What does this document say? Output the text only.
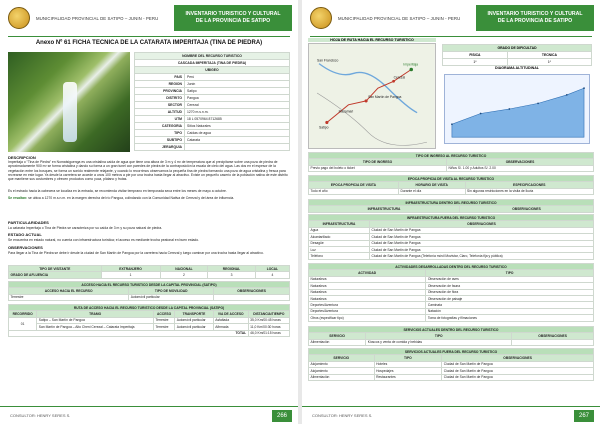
MUNICIPALIDAD PROVINCIAL DE SATIPO – JUNIN - PERU
INVENTARIO TURISTICO Y CULTURAL
DE LA PROVINCIA DE SATIPO
Anexo Nº 61 FICHA TECNICA DE LA CATARATA IMPERITAJA (TINA DE PIEDRA)
NOMBRE DEL RECURSO TURISTICO	
CASCADA IMPERITAJA (TINA DE PIEDRA)	
UBIGEO	
PAIS	Perú
REGION	Junín
PROVINCIA	Satipo
DISTRITO	Pangoa
SECTOR	Cerezal
ALTITUD	1270 m.s.n.m.
UTM	18 L 0570964 8712685
CATEGORIA	Sitios Naturales
TIPO	Caídas de agua
SUBTIPO	Catarata
JERARQUIA	
DESCRIPCION
Imperitaja o "Tina de Piedra" en Nomatsiguenga es una cristalina caída de agua que tiene una altura de 3 m y 4 m² de temperatura que al precipitarse sobre una poza de piedra de aproximadamente 900 m³ se forma cristalina y dando su forma a un gran tunel con paredes de piedra de la contraposición la escala de cielo del agua. Las dos en el espesor de la vegetación entre los bosques, se forma un sonido realmente relajante, y cuando lo recorrimos observamos la pequeña tina de piedra formando una poza de agua cristalina y fresca para recrearse en este lugar. Ya desde la carretera se accede a unos 100 metros a pie por una trocha hasta llegar al atractivo. Existe un pequeño caserío de la población nativa de este distrito que mantiene sus costumbres y ofrecen productos como yuca, plátano y frutas.
Es el estrado hacia la cabecera se localiza en la entrada, se recomienda visitar temprano en temporada seca entre los meses de mayo a octubre.
Se resaltan: se ubica a 1270 m.s.n.m. en la margen derecha del río Pangoa, colindando con la Comunidad Nativa de Cerezal y del área de influencia.
PARTICULARIDADES
La catarata Imperitaja o Tina de Piedra se caracteriza por su caída de 3 m y su poza natural de piedra.
ESTADO ACTUAL
Se encuentra en estado natural, no cuenta con infraestructura turística; el acceso es mediante trocha peatonal en buen estado.
OBSERVACIONES
Para llegar a la Tina de Piedra se debe ir desde la ciudad de San Martín de Pangoa por la carretera hacia Cerezal y luego caminar por una trocha hasta llegar al atractivo.
TIPO DE VISITANTE	EXTRANJERO	NACIONAL	REGIONAL	LOCAL
GRADO DE AFLUENCIA	1	2	3	4
ACCESO HACIA EL RECURSO TURISTICO DESDE LA CAPITAL PROVINCIAL (SATIPO)		
ACCESO HACIA EL RECURSO	TIPO DE MOVILIDAD	OBSERVACIONES
Terrestre	Automóvil particular	
RUTA DE ACCESO HACIA EL RECURSO TURISTICO DESDE LA CAPITAL PROVINCIAL (SATIPO)					
RECORRIDO	TRAMO	ACCESO	TRANSPORTE	VIA DE ACCESO	DISTANCIA/TIEMPO
01	Satipo – San Martín de Pangoa	Terrestre	Automóvil particular	Asfaltada	35,0 Km/00:45 horas
	San Martín de Pangoa – Alto Cheni Cerezal – Catarata Imperitaja	Terrestre	Automóvil particular	Afirmada	11,0 Km/00:30 horas
TOTAL					46,0 Km/01:15 horas
CONSULTOR: HENRY SERES S.	266
MUNICIPALIDAD PROVINCIAL DE SATIPO – JUNIN - PERU
INVENTARIO TURISTICO Y CULTURAL
DE LA PROVINCIA DE SATIPO
HOJA DE RUTA HACIA EL RECURSO TURISTICO
San Martín de Pangoa
Cerezal
Satipo
Mazamari
Imperitaja
San Francisco
GRADO DE DIFICULTAD	
FISICA	TECNICA
1º	1º
DIAGRAMA ALTITUDINAL
TIPO DE INGRESO AL RECURSO TURISTICO	
TIPO DE INGRESO	OBSERVACIONES
Previo pago del boleto o ticket	Niños S/. 1.00 y Adultos S/. 2.00
EPOCA PROPICIA DE VISITA AL RECURSO TURISTICO		
EPOCA PROPICIA DE VISITA	HORARIO DE VISITA	ESPECIFICACIONES
Todo el año	Durante el día	Sin algunas restricciones en la visita de lluvia
INFRAESTRUCTURA DENTRO DEL RECURSO TURISTICO
INFRAESTRUCTURA	OBSERVACIONES
INFRAESTRUCTURA FUERA DEL RECURSO TURISTICO	
INFRAESTRUCTURA	OBSERVACIONES
Agua	Ciudad de San Martín de Pangoa
Alcantarillado	Ciudad de San Martín de Pangoa
Desagüe	Ciudad de San Martín de Pangoa
Luz	Ciudad de San Martín de Pangoa
Teléfono	Ciudad de San Martín de Pangoa (Telefonía móvil Movistar, Claro, Telefonía fija y pública)
ACTIVIDADES DESARROLLADAS DENTRO DEL RECURSO TURISTICO	
ACTIVIDAD	TIPO
Naturaleza	Observación de aves
Naturaleza	Observación de fauna
Naturaleza	Observación de flora
Naturaleza	Observación de paisaje
Deportes/Aventura	Caminata
Deportes/Aventura	Natación
Otros (especificar tipo)	Toma de fotografías y filmaciones
SERVICIOS ACTUALES DENTRO DEL RECURSO TURISTICO		
SERVICIO	TIPO	OBSERVACIONES
Alimentación	Kioscos y venta de comida y bebidas	
SERVICIOS ACTUALES FUERA DEL RECURSO TURISTICO		
SERVICIO	TIPO	OBSERVACIONES
Alojamiento	Hoteles	Ciudad de San Martín de Pangoa
Alojamiento	Hospedajes	Ciudad de San Martín de Pangoa
Alimentación	Restaurantes	Ciudad de San Martín de Pangoa
CONSULTOR: HENRY SERES S.	267
